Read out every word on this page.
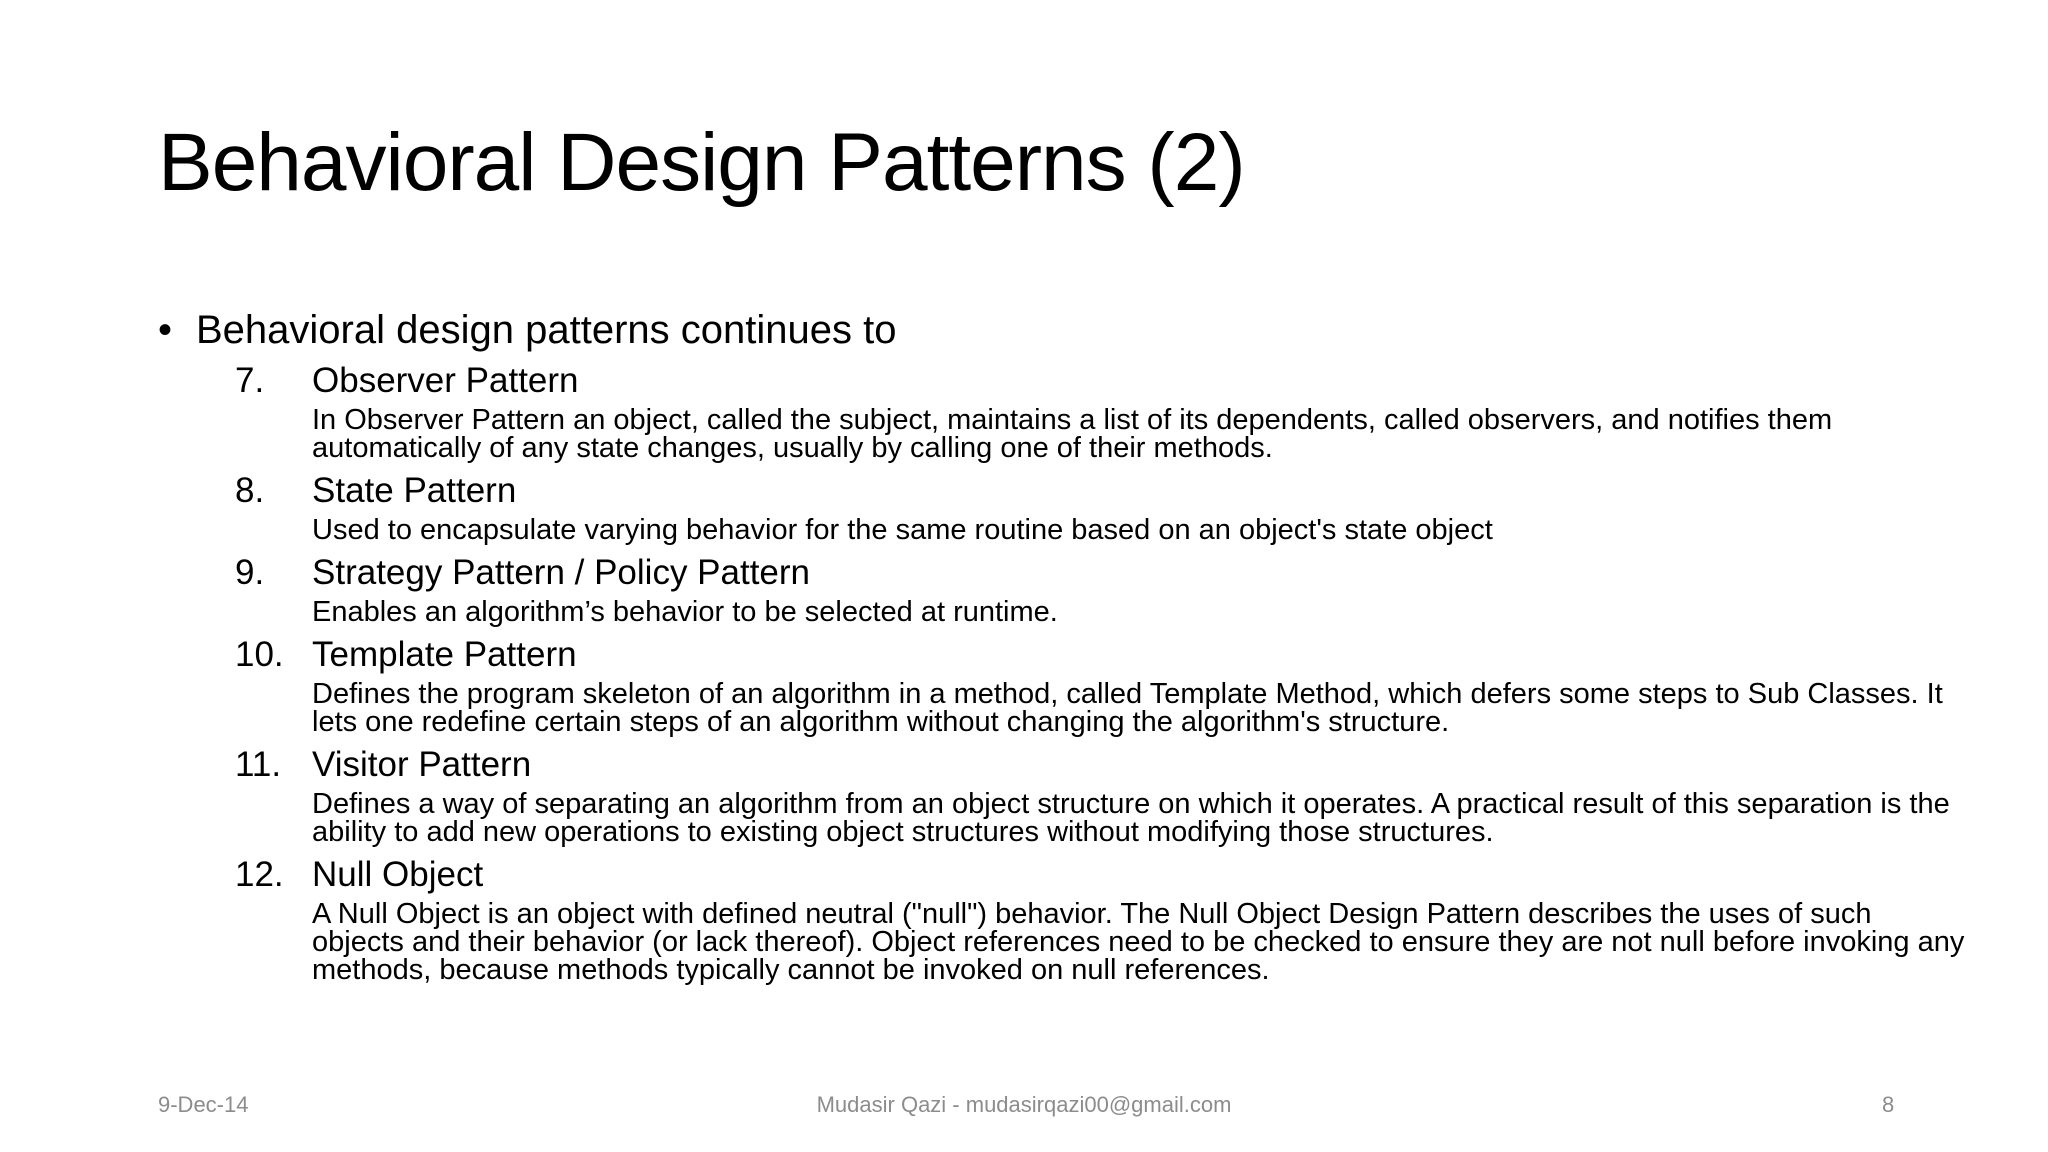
Behavioral Design Patterns (2)
• Behavioral design patterns continues to
7.	Observer Pattern
In Observer Pattern an object, called the subject, maintains a list of its dependents, called observers, and notifies them automatically of any state changes, usually by calling one of their methods.
8.	State Pattern
Used to encapsulate varying behavior for the same routine based on an object's state object
9.	Strategy Pattern / Policy Pattern
Enables an algorithm’s behavior to be selected at runtime.
10. Template Pattern
Defines the program skeleton of an algorithm in a method, called Template Method, which defers some steps to Sub Classes. It lets one redefine certain steps of an algorithm without changing the algorithm's structure.
11. Visitor Pattern
Defines a way of separating an algorithm from an object structure on which it operates. A practical result of this separation is the ability to add new operations to existing object structures without modifying those structures.
12. Null Object
A Null Object is an object with defined neutral ("null") behavior. The Null Object Design Pattern describes the uses of such objects and their behavior (or lack thereof). Object references need to be checked to ensure they are not null before invoking any methods, because methods typically cannot be invoked on null references.
9-Dec-14	Mudasir Qazi - mudasirqazi00@gmail.com	8
